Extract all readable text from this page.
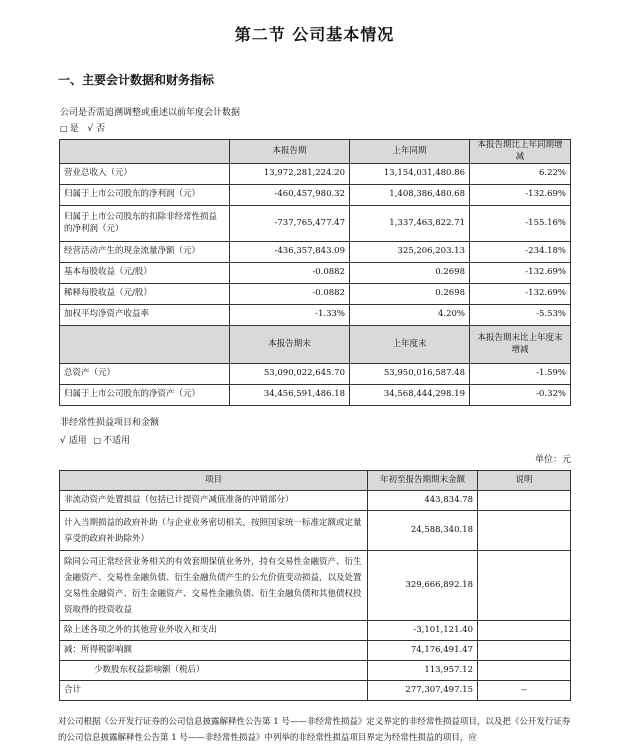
第二节 公司基本情况
一、主要会计数据和财务指标
公司是否需追溯调整或重述以前年度会计数据
□ 是 √ 否
	本报告期	上年同期	本报告期比上年同期增减
营业总收入（元）	13,972,281,224.20	13,154,031,480.86	6.22%
归属于上市公司股东的净利润（元）	-460,457,980.32	1,408,386,480.68	-132.69%
归属于上市公司股东的扣除非经常性损益的净利润（元）	-737,765,477.47	1,337,463,822.71	-155.16%
经营活动产生的现金流量净额（元）	-436,357,843.09	325,206,203.13	-234.18%
基本每股收益（元/股）	-0.0882	0.2698	-132.69%
稀释每股收益（元/股）	-0.0882	0.2698	-132.69%
加权平均净资产收益率	-1.33%	4.20%	-5.53%
	本报告期末	上年度末	本报告期末比上年度末增减
总资产（元）	53,090,022,645.70	53,950,016,587.48	-1.59%
归属于上市公司股东的净资产（元）	34,456,591,486.18	34,568,444,298.19	-0.32%
非经常性损益项目和金额
√ 适用 □ 不适用
单位：元
项目	年初至报告期期末金额	说明
非流动资产处置损益（包括已计提资产减值准备的冲销部分）	443,834.78	
计入当期损益的政府补助（与企业业务密切相关，按照国家统一标准定额或定量享受的政府补助除外）	24,588,340.18	
除同公司正常经营业务相关的有效套期保值业务外，持有交易性金融资产、衍生金融资产、交易性金融负债、衍生金融负债产生的公允价值变动损益，以及处置交易性金融资产、衍生金融资产、交易性金融负债、衍生金融负债和其他债权投资取得的投资收益	329,666,892.18	
除上述各项之外的其他营业外收入和支出	-3,101,121.40	
减：所得税影响额	74,176,491.47	
少数股东权益影响额（税后）	113,957.12	
合计	277,307,497.15	--
对公司根据《公开发行证券的公司信息披露解释性公告第 1 号——非经常性损益》定义界定的非经常性损益项目，以及把《公开发行证券的公司信息披露解释性公告第 1 号——非经常性损益》中列举的非经常性损益项目界定为经常性损益的项目，应
